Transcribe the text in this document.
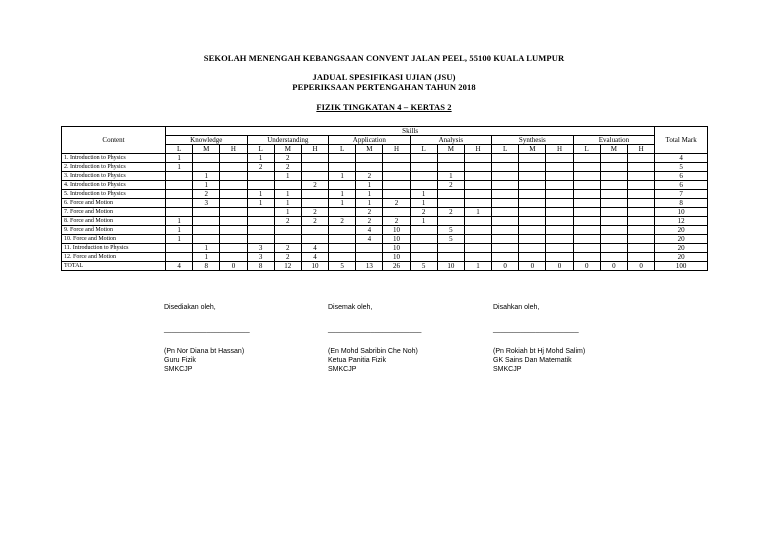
SEKOLAH MENENGAH KEBANGSAAN CONVENT JALAN PEEL, 55100 KUALA LUMPUR
JADUAL SPESIFIKASI UJIAN (JSU)
PEPERIKSAAN PERTENGAHAN TAHUN 2018
FIZIK TINGKATAN 4 – KERTAS 2
Content	Skills																		Total Mark
	Knowledge			Understanding			Application			Analysis			Synthesis			Evaluation			
	L	M	H	L	M	H	L	M	H	L	M	H	L	M	H	L	M	H	
1. Introduction to Physics	1			1	2														4
2. Introduction to Physics	1			2	2														5
3. Introduction to Physics		1			1		1	2			1								6
4. Introduction to Physics		1				2		1			2								6
5. Introduction to Physics		2		1	1		1	1		1									7
6. Force and Motion		3		1	1		1	1	2	1									8
7. Force and Motion					1	2		2		2	2	1							10
8. Force and Motion	1				2	2	2	2	2	1									12
9. Force and Motion	1							4	10		5								20
10. Force and Motion	1							4	10		5								20
11. Introduction to Physics		1		3	2	4			10										20
12. Force and Motion		1		3	2	4			10										20
TOTAL	4	8	0	8	12	10	5	13	26	5	10	1	0	0	0	0	0	0	100
Disediakan oleh,
______________________
(Pn Nor Diana bt Hassan)
Guru Fizik
SMKCJP
Disemak oleh,
________________________
(En Mohd Sabribin Che Noh)
Ketua Panitia Fizik
SMKCJP
Disahkan oleh,
______________________
(Pn Rokiah bt Hj Mohd Salim)
GK Sains Dan Matematik
SMKCJP
